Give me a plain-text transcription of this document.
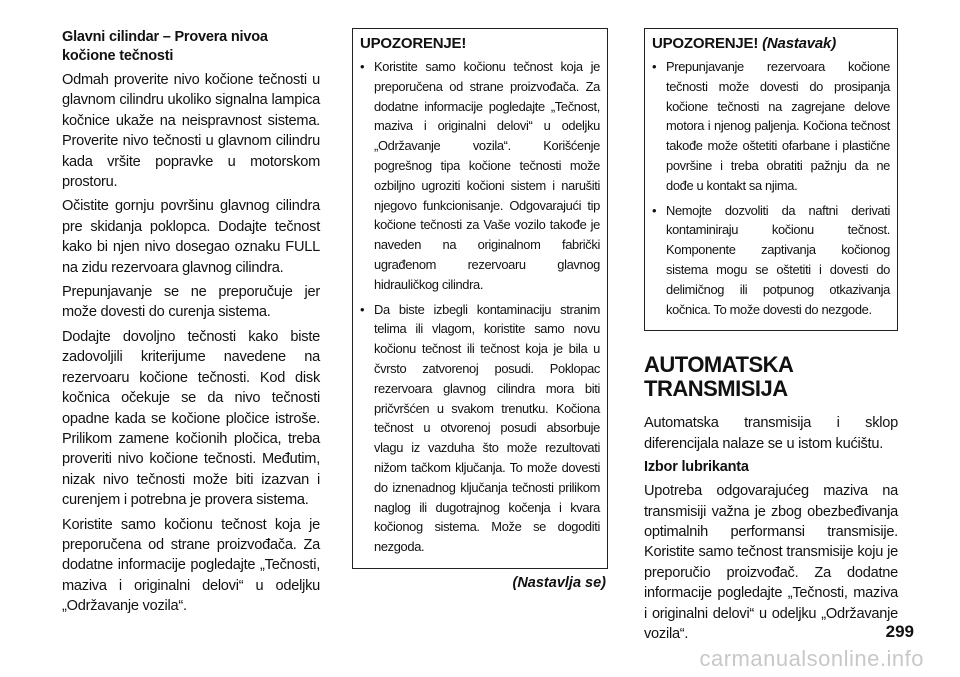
Glavni cilindar – Provera nivoa kočione tečnosti

Odmah proverite nivo kočione tečnosti u glavnom cilindru ukoliko signalna lampica kočnice ukaže na neispravnost sistema. Proverite nivo tečnosti u glavnom cilindru kada vršite popravke u motorskom prostoru.

Očistite gornju površinu glavnog cilindra pre skidanja poklopca. Dodajte tečnost kako bi njen nivo dosegao oznaku FULL na zidu rezervoara glavnog cilindra.

Prepunjavanje se ne preporučuje jer može dovesti do curenja sistema.

Dodajte dovoljno tečnosti kako biste zadovoljili kriterijume navedene na rezervoaru kočione tečnosti. Kod disk kočnica očekuje se da nivo tečnosti opadne kada se kočione pločice istroše. Prilikom zamene kočionih pločica, treba proveriti nivo kočione tečnosti. Međutim, nizak nivo tečnosti može biti izazvan i curenjem i potrebna je provera sistema.

Koristite samo kočionu tečnost koja je preporučena od strane proizvođača. Za dodatne informacije pogledajte „Tečnosti, maziva i originalni delovi“ u odeljku „Održavanje vozila“.

UPOZORENJE!
• Koristite samo kočionu tečnost koja je preporučena od strane proizvođača. Za dodatne informacije pogledajte „Tečnost, maziva i originalni delovi“ u odeljku „Održavanje vozila“. Korišćenje pogrešnog tipa kočione tečnosti može ozbiljno ugroziti kočioni sistem i narušiti njegovo funkcionisanje. Odgovarajući tip kočione tečnosti za Vaše vozilo takođe je naveden na originalnom fabrički ugrađenom rezervoaru glavnog hidrauličkog cilindra.
• Da biste izbegli kontaminaciju stranim telima ili vlagom, koristite samo novu kočionu tečnost ili tečnost koja je bila u čvrsto zatvorenoj posudi. Poklopac rezervoara glavnog cilindra mora biti pričvršćen u svakom trenutku. Kočiona tečnost u otvorenoj posudi absorbuje vlagu iz vazduha što može rezultovati nižom tačkom ključanja. To može dovesti do iznenadnog ključanja tečnosti prilikom naglog ili dugotrajnog kočenja i kvara kočionog sistema. Može se dogoditi nezgoda.
(Nastavlja se)
UPOZORENJE! (Nastavak)
• Prepunjavanje rezervoara kočione tečnosti može dovesti do prosipanja kočione tečnosti na zagrejane delove motora i njenog paljenja. Kočiona tečnost takođe može oštetiti ofarbane i plastične površine i treba obratiti pažnju da ne dođe u kontakt sa njima.
• Nemojte dozvoliti da naftni derivati kontaminiraju kočionu tečnost. Komponente zaptivanja kočionog sistema mogu se oštetiti i dovesti do delimičnog ili potpunog otkazivanja kočnica. To može dovesti do nezgode.
AUTOMATSKA
TRANSMISIJA

Automatska transmisija i sklop diferencijala nalaze se u istom kućištu.

Izbor lubrikanta

Upotreba odgovarajućeg maziva na transmisiji važna je zbog obezbeđivanja optimalnih performansi transmisije. Koristite samo tečnost transmisije koju je preporučio proizvođač. Za dodatne informacije pogledajte „Tečnosti, maziva i originalni delovi“ u odeljku „Održavanje vozila“.	299
carmanualsonline.info
